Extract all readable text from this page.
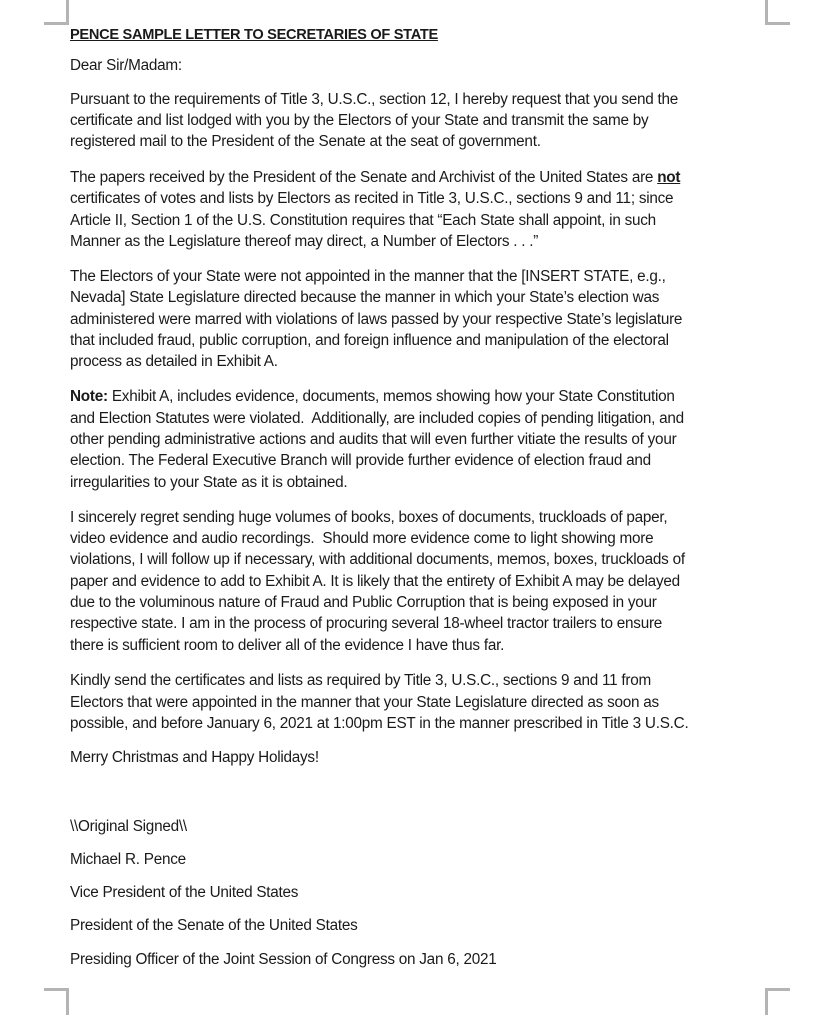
PENCE SAMPLE LETTER TO SECRETARIES OF STATE
Dear Sir/Madam:
Pursuant to the requirements of Title 3, U.S.C., section 12, I hereby request that you send the
certificate and list lodged with you by the Electors of your State and transmit the same by
registered mail to the President of the Senate at the seat of government.
The papers received by the President of the Senate and Archivist of the United States are not
certificates of votes and lists by Electors as recited in Title 3, U.S.C., sections 9 and 11; since
Article II, Section 1 of the U.S. Constitution requires that “Each State shall appoint, in such
Manner as the Legislature thereof may direct, a Number of Electors . . .”
The Electors of your State were not appointed in the manner that the [INSERT STATE, e.g.,
Nevada] State Legislature directed because the manner in which your State’s election was
administered were marred with violations of laws passed by your respective State’s legislature
that included fraud, public corruption, and foreign influence and manipulation of the electoral
process as detailed in Exhibit A.
Note: Exhibit A, includes evidence, documents, memos showing how your State Constitution
and Election Statutes were violated.  Additionally, are included copies of pending litigation, and
other pending administrative actions and audits that will even further vitiate the results of your
election. The Federal Executive Branch will provide further evidence of election fraud and
irregularities to your State as it is obtained.
I sincerely regret sending huge volumes of books, boxes of documents, truckloads of paper,
video evidence and audio recordings.  Should more evidence come to light showing more
violations, I will follow up if necessary, with additional documents, memos, boxes, truckloads of
paper and evidence to add to Exhibit A. It is likely that the entirety of Exhibit A may be delayed
due to the voluminous nature of Fraud and Public Corruption that is being exposed in your
respective state. I am in the process of procuring several 18-wheel tractor trailers to ensure
there is sufficient room to deliver all of the evidence I have thus far.
Kindly send the certificates and lists as required by Title 3, U.S.C., sections 9 and 11 from
Electors that were appointed in the manner that your State Legislature directed as soon as
possible, and before January 6, 2021 at 1:00pm EST in the manner prescribed in Title 3 U.S.C.
Merry Christmas and Happy Holidays!
\\Original Signed\\
Michael R. Pence
Vice President of the United States
President of the Senate of the United States
Presiding Officer of the Joint Session of Congress on Jan 6, 2021
